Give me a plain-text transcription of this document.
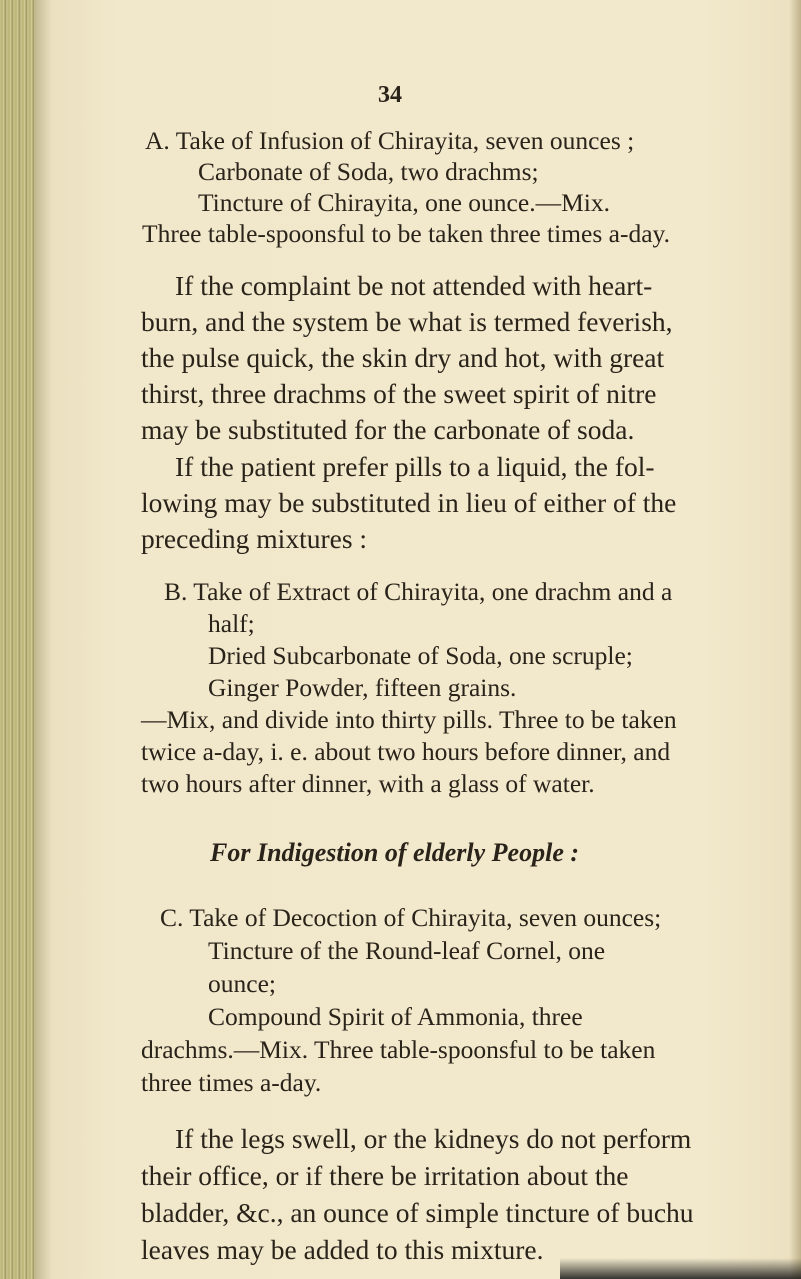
34
A. Take of Infusion of Chirayita, seven ounces ;
Carbonate of Soda, two drachms;
Tincture of Chirayita, one ounce.—Mix.
Three table-spoonsful to be taken three times a-day.
If the complaint be not attended with heart-
burn, and the system be what is termed feverish,
the pulse quick, the skin dry and hot, with great
thirst, three drachms of the sweet spirit of nitre
may be substituted for the carbonate of soda.
If the patient prefer pills to a liquid, the fol-
lowing may be substituted in lieu of either of the
preceding mixtures :
B. Take of Extract of Chirayita, one drachm and a
half;
Dried Subcarbonate of Soda, one scruple;
Ginger Powder, fifteen grains.
—Mix, and divide into thirty pills. Three to be taken
twice a-day, i. e. about two hours before dinner, and
two hours after dinner, with a glass of water.
For Indigestion of elderly People :
C. Take of Decoction of Chirayita, seven ounces;
Tincture of the Round-leaf Cornel, one
ounce;
Compound Spirit of Ammonia, three
drachms.—Mix. Three table-spoonsful to be taken
three times a-day.
If the legs swell, or the kidneys do not perform
their office, or if there be irritation about the
bladder, &c., an ounce of simple tincture of buchu
leaves may be added to this mixture.
